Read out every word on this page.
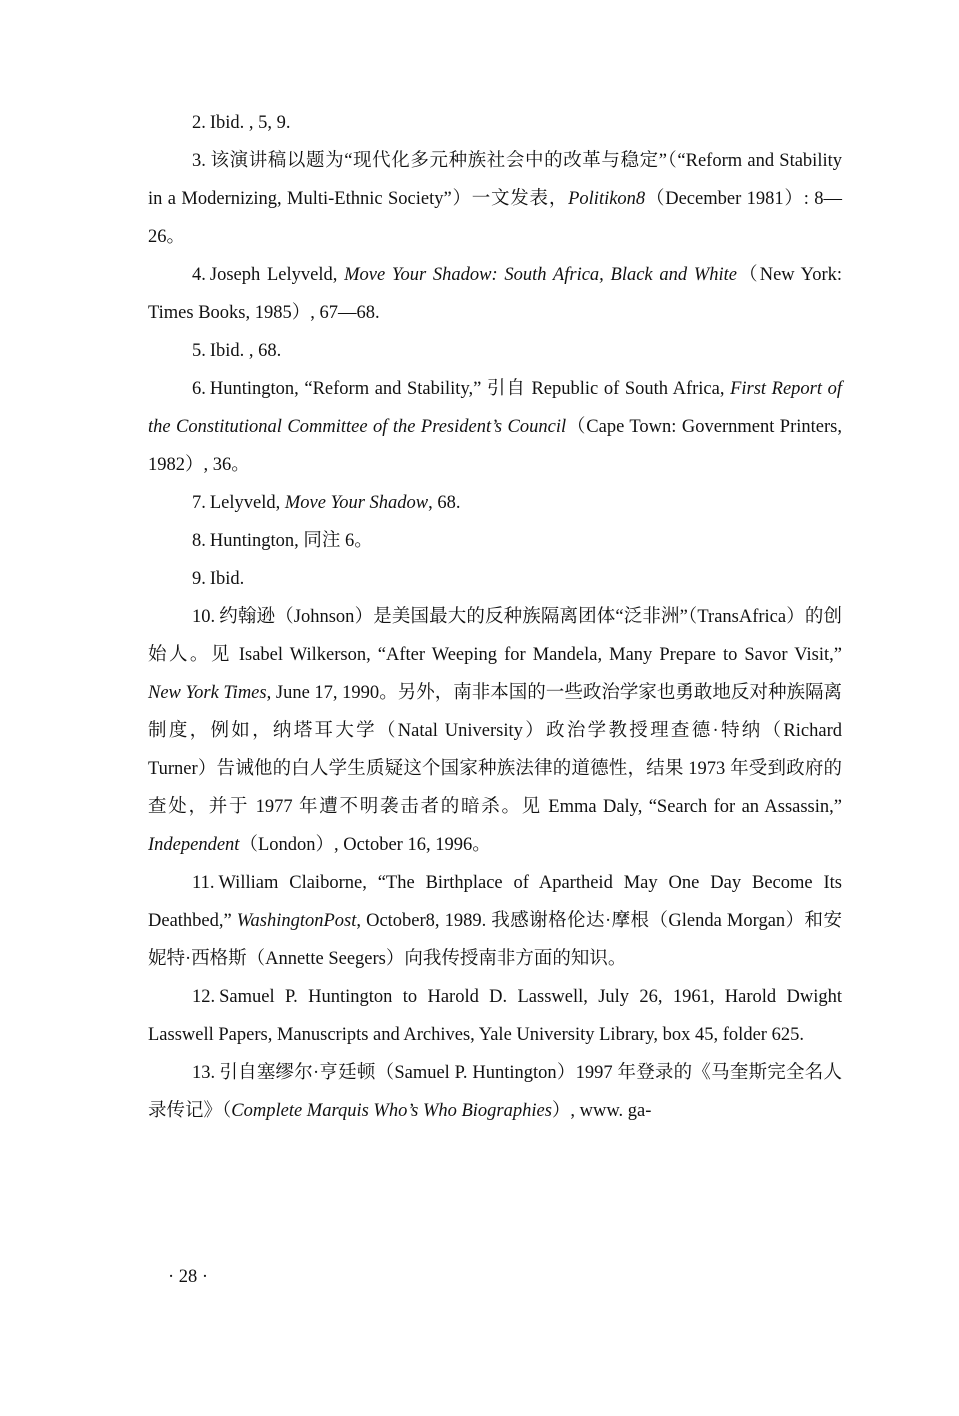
2. Ibid. , 5, 9.

3. 该演讲稿以题为“现代化多元种族社会中的改革与稳定”（“Reform and Stability in a Modernizing, Multi-Ethnic Society”）一文发表，Politikon8（December 1981）: 8—26。

4. Joseph Lelyveld, Move Your Shadow: South Africa, Black and White（New York: Times Books, 1985）, 67—68.

5. Ibid. , 68.

6. Huntington, “Reform and Stability,” 引自 Republic of South Africa, First Report of the Constitutional Committee of the President’s Council（Cape Town: Government Printers, 1982）, 36。

7. Lelyveld, Move Your Shadow, 68.

8. Huntington, 同注 6。

9. Ibid.

10. 约翰逊（Johnson）是美国最大的反种族隔离团体“泛非洲”（TransAfrica）的创始人。见 Isabel Wilkerson, “After Weeping for Mandela, Many Prepare to Savor Visit,” New York Times, June 17, 1990。另外，南非本国的一些政治学家也勇敢地反对种族隔离制度，例如，纳塔耳大学（Natal University）政治学教授理查德·特纳（Richard Turner）告诫他的白人学生质疑这个国家种族法律的道德性，结果 1973 年受到政府的查处，并于 1977 年遭不明袭击者的暗杀。见 Emma Daly, “Search for an Assassin,” Independent（London）, October 16, 1996。

11. William Claiborne, “The Birthplace of Apartheid May One Day Become Its Deathbed,” WashingtonPost, October8, 1989. 我感谢格伦达·摩根（Glenda Morgan）和安妮特·西格斯（Annette Seegers）向我传授南非方面的知识。

12. Samuel P. Huntington to Harold D. Lasswell, July 26, 1961, Harold Dwight Lasswell Papers, Manuscripts and Archives, Yale University Library, box 45, folder 625.

13. 引自塞缪尔·亨廷顿（Samuel P. Huntington）1997 年登录的《马奎斯完全名人录传记》（Complete Marquis Who’s Who Biographies）, www. ga-

· 28 ·
